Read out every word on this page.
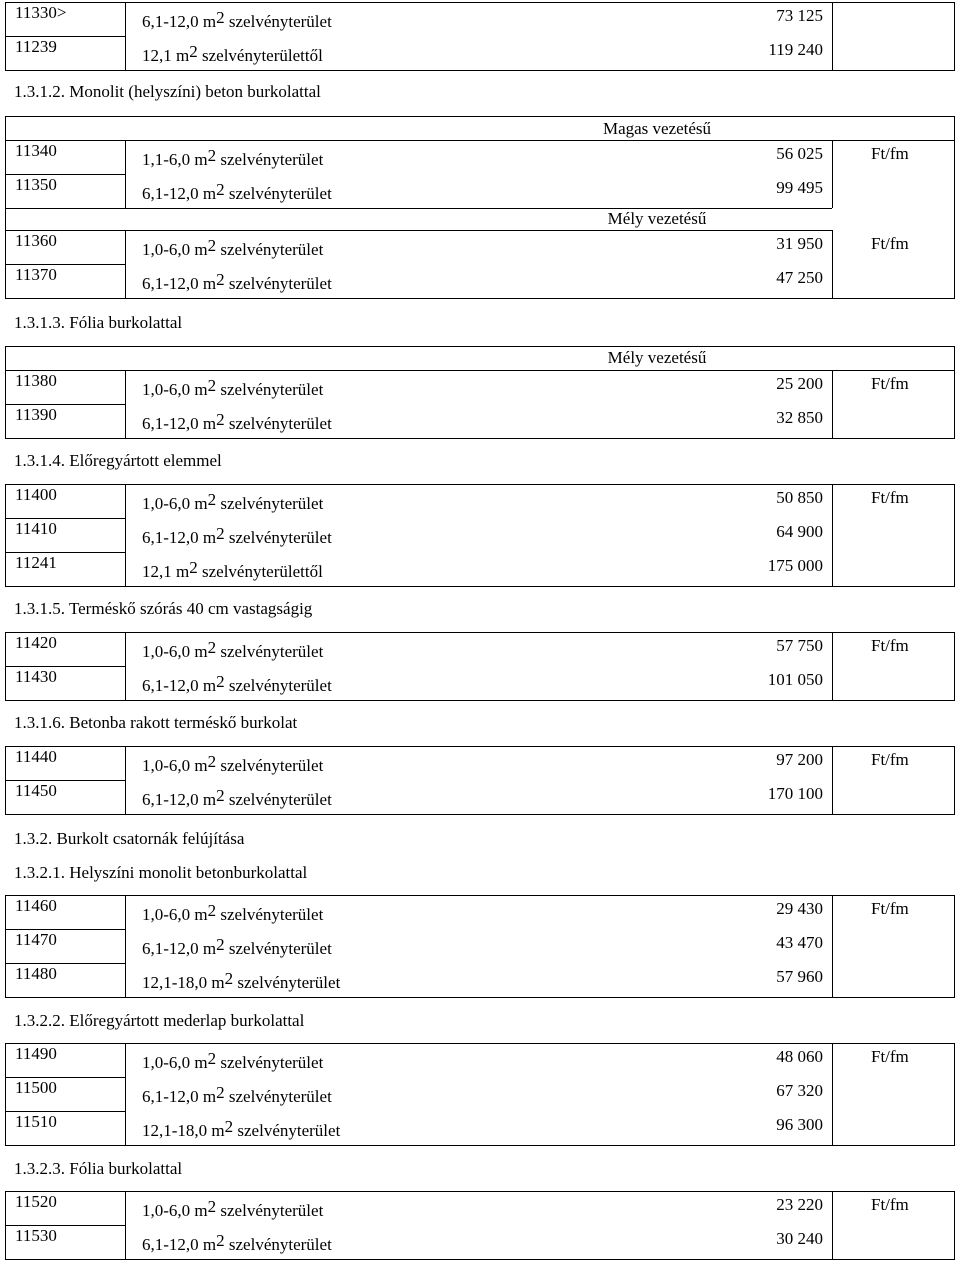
11330>	6,1-12,0 $m^2$ szelvényterület	73 125
11239	12,1 $m^2$ szelvényterülettől	119 240
1.3.1.2. Monolit (helyszíni) beton burkolattal
Magas vezetésű
11340	1,1-6,0 $m^2$ szelvényterület	56 025	Ft/fm
11350	6,1-12,0 $m^2$ szelvényterület	99 495
Mély vezetésű
11360	1,0-6,0 $m^2$ szelvényterület	31 950	Ft/fm
11370	6,1-12,0 $m^2$ szelvényterület	47 250
1.3.1.3. Fólia burkolattal
Mély vezetésű
11380	1,0-6,0 $m^2$ szelvényterület	25 200	Ft/fm
11390	6,1-12,0 $m^2$ szelvényterület	32 850
1.3.1.4. Előregyártott elemmel
11400	1,0-6,0 $m^2$ szelvényterület	50 850	Ft/fm
11410	6,1-12,0 $m^2$ szelvényterület	64 900
11241	12,1 $m^2$ szelvényterülettől	175 000
1.3.1.5. Terméskő szórás 40 cm vastagságig
11420	1,0-6,0 $m^2$ szelvényterület	57 750	Ft/fm
11430	6,1-12,0 $m^2$ szelvényterület	101 050
1.3.1.6. Betonba rakott terméskő burkolat
11440	1,0-6,0 $m^2$ szelvényterület	97 200	Ft/fm
11450	6,1-12,0 $m^2$ szelvényterület	170 100
1.3.2. Burkolt csatornák felújítása
1.3.2.1. Helyszíni monolit betonburkolattal
11460	1,0-6,0 $m^2$ szelvényterület	29 430	Ft/fm
11470	6,1-12,0 $m^2$ szelvényterület	43 470
11480	12,1-18,0 $m^2$ szelvényterület	57 960
1.3.2.2. Előregyártott mederlap burkolattal
11490	1,0-6,0 $m^2$ szelvényterület	48 060	Ft/fm
11500	6,1-12,0 $m^2$ szelvényterület	67 320
11510	12,1-18,0 $m^2$ szelvényterület	96 300
1.3.2.3. Fólia burkolattal
11520	1,0-6,0 $m^2$ szelvényterület	23 220	Ft/fm
11530	6,1-12,0 $m^2$ szelvényterület	30 240
